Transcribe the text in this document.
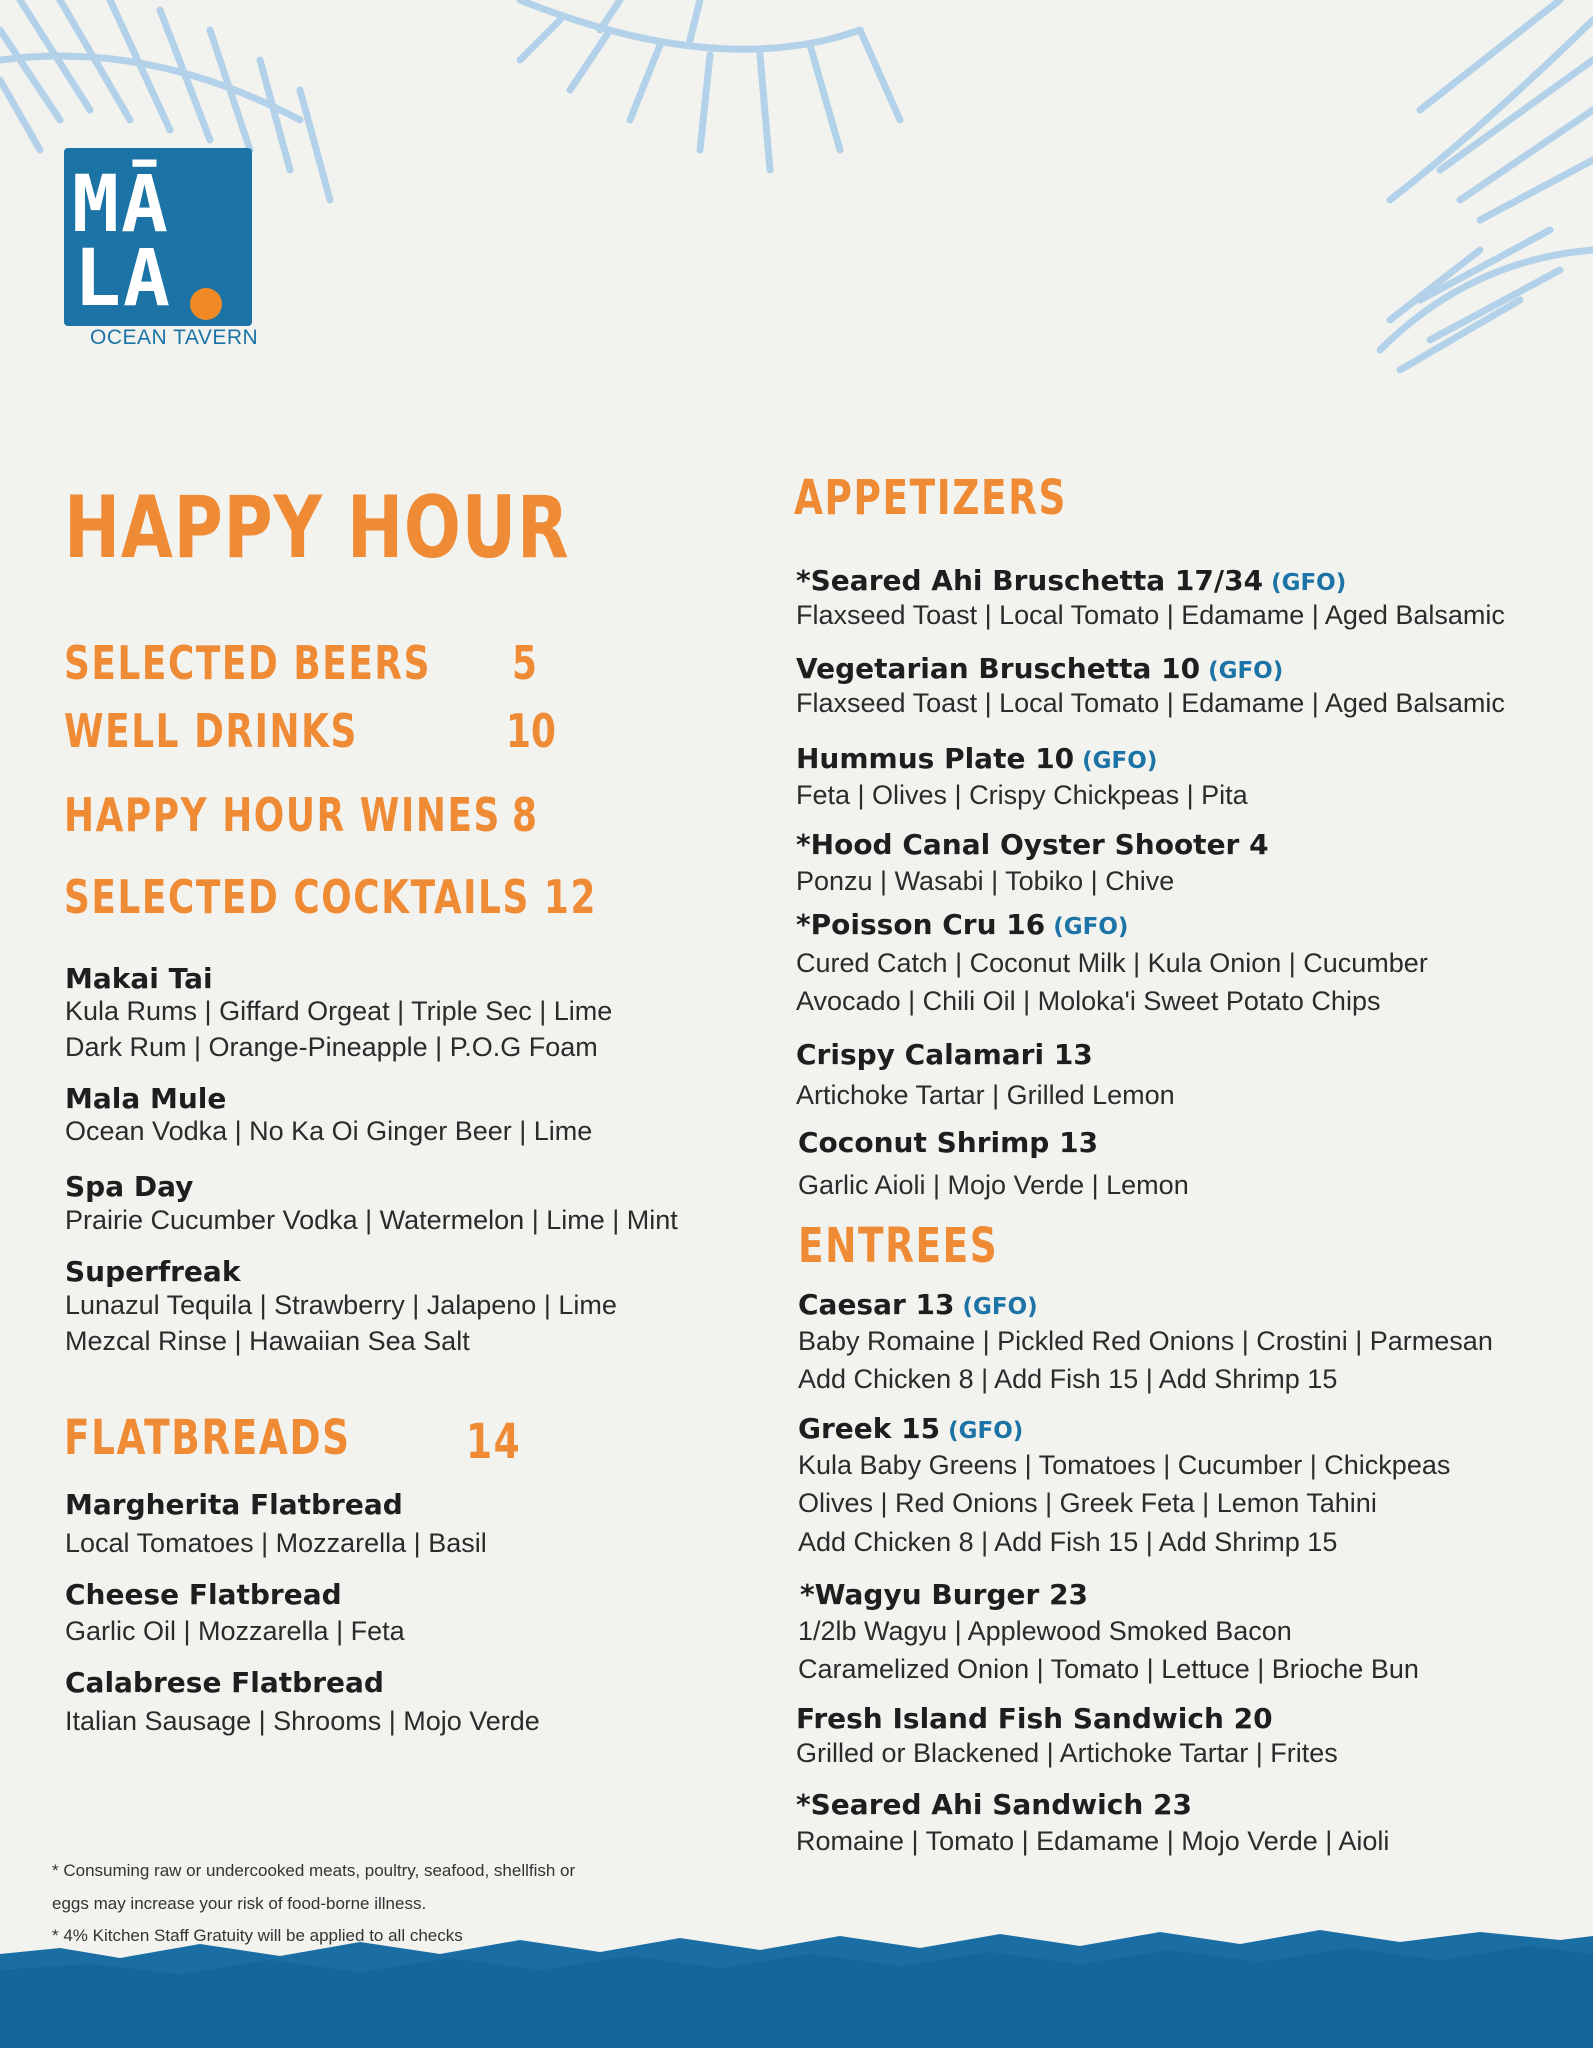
MĀ
LA
OCEAN TAVERN
HAPPY HOUR
SELECTED BEERS 5
WELL DRINKS	10
HAPPY HOUR WINES 8
SELECTED COCKTAILS 12
Makai Tai
Kula Rums | Giffard Orgeat | Triple Sec | Lime
Dark Rum | Orange-Pineapple | P.O.G Foam
Mala Mule
Ocean Vodka | No Ka Oi Ginger Beer | Lime
Spa Day
Prairie Cucumber Vodka | Watermelon | Lime | Mint
Superfreak
Lunazul Tequila | Strawberry | Jalapeno | Lime
Mezcal Rinse | Hawaiian Sea Salt
FLATBREADS 14
Margherita Flatbread
Local Tomatoes | Mozzarella | Basil
Cheese Flatbread
Garlic Oil | Mozzarella | Feta
Calabrese Flatbread
Italian Sausage | Shrooms | Mojo Verde
APPETIZERS
*Seared Ahi Bruschetta 17/34 (GFO)
Flaxseed Toast | Local Tomato | Edamame | Aged Balsamic
Vegetarian Bruschetta 10 (GFO)
Flaxseed Toast | Local Tomato | Edamame | Aged Balsamic
Hummus Plate 10 (GFO)
Feta | Olives | Crispy Chickpeas | Pita
*Hood Canal Oyster Shooter 4
Ponzu | Wasabi | Tobiko | Chive
*Poisson Cru 16 (GFO)
Cured Catch | Coconut Milk | Kula Onion | Cucumber
Avocado | Chili Oil | Moloka'i Sweet Potato Chips
Crispy Calamari 13
Artichoke Tartar | Grilled Lemon
Coconut Shrimp 13
Garlic Aioli | Mojo Verde | Lemon
ENTREES
Caesar 13 (GFO)
Baby Romaine | Pickled Red Onions | Crostini | Parmesan
Add Chicken 8 | Add Fish 15 | Add Shrimp 15
Greek 15 (GFO)
Kula Baby Greens | Tomatoes | Cucumber | Chickpeas
Olives | Red Onions | Greek Feta | Lemon Tahini
Add Chicken 8 | Add Fish 15 | Add Shrimp 15
*Wagyu Burger 23
1/2lb Wagyu | Applewood Smoked Bacon
Caramelized Onion | Tomato | Lettuce | Brioche Bun
Fresh Island Fish Sandwich 20
Grilled or Blackened | Artichoke Tartar | Frites
*Seared Ahi Sandwich 23
Romaine | Tomato | Edamame | Mojo Verde | Aioli
* Consuming raw or undercooked meats, poultry, seafood, shellfish or
eggs may increase your risk of food-borne illness.
* 4% Kitchen Staff Gratuity will be applied to all checks
